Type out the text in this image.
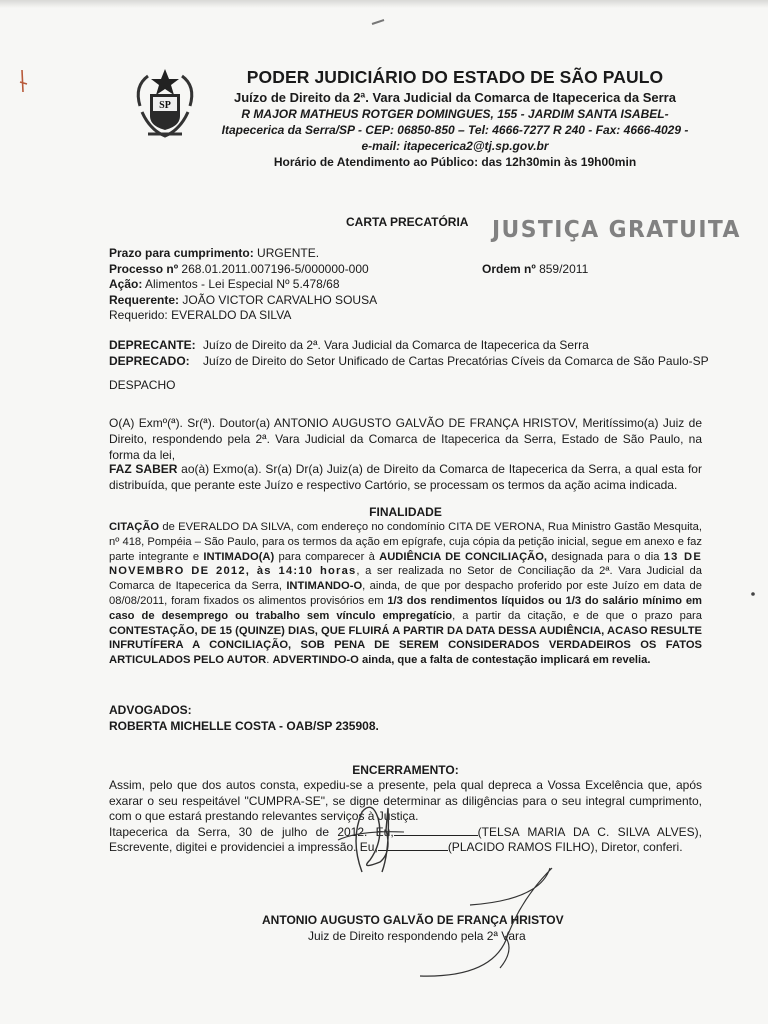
SP
PODER JUDICIÁRIO DO ESTADO DE SÃO PAULO
Juízo de Direito da 2ª. Vara Judicial da Comarca de Itapecerica da Serra
R MAJOR MATHEUS ROTGER DOMINGUES, 155 - JARDIM SANTA ISABEL-
Itapecerica da Serra/SP - CEP: 06850-850 – Tel: 4666-7277 R 240 - Fax: 4666-4029 -
e-mail: itapecerica2@tj.sp.gov.br
Horário de Atendimento ao Público: das 12h30min às 19h00min
CARTA PRECATÓRIA JUSTIÇA GRATUITA
Prazo para cumprimento: URGENTE.
Processo nº 268.01.2011.007196-5/000000-000
Ação: Alimentos - Lei Especial Nº 5.478/68
Requerente: JOÃO VICTOR CARVALHO SOUSA
Requerido: EVERALDO DA SILVA
Ordem nº 859/2011
DEPRECANTE: Juízo de Direito da 2ª. Vara Judicial da Comarca de Itapecerica da Serra
DEPRECADO: Juízo de Direito do Setor Unificado de Cartas Precatórias Cíveis da Comarca de São Paulo-SP
DESPACHO
O(A) Exmº(ª). Sr(ª). Doutor(a) ANTONIO AUGUSTO GALVÃO DE FRANÇA HRISTOV, Meritíssimo(a) Juiz de Direito, respondendo pela 2ª. Vara Judicial da Comarca de Itapecerica da Serra, Estado de São Paulo, na forma da lei,
FAZ SABER ao(à) Exmo(a). Sr(a) Dr(a) Juiz(a) de Direito da Comarca de Itapecerica da Serra, a qual esta for distribuída, que perante este Juízo e respectivo Cartório, se processam os termos da ação acima indicada.
FINALIDADE
CITAÇÃO de EVERALDO DA SILVA, com endereço no condomínio CITA DE VERONA, Rua Ministro Gastão Mesquita, nº 418, Pompéia – São Paulo, para os termos da ação em epígrafe, cuja cópia da petição inicial, segue em anexo e faz parte integrante e INTIMADO(A) para comparecer à AUDIÊNCIA DE CONCILIAÇÃO, designada para o dia 13 DE NOVEMBRO DE 2012, às 14:10 horas, a ser realizada no Setor de Conciliação da 2ª. Vara Judicial da Comarca de Itapecerica da Serra, INTIMANDO-O, ainda, de que por despacho proferido por este Juízo em data de 08/08/2011, foram fixados os alimentos provisórios em 1/3 dos rendimentos líquidos ou 1/3 do salário mínimo em caso de desemprego ou trabalho sem vínculo empregatício, a partir da citação, e de que o prazo para CONTESTAÇÃO, DE 15 (QUINZE) DIAS, QUE FLUIRÁ A PARTIR DA DATA DESSA AUDIÊNCIA, ACASO RESULTE INFRUTÍFERA A CONCILIAÇÃO, SOB PENA DE SEREM CONSIDERADOS VERDADEIROS OS FATOS ARTICULADOS PELO AUTOR. ADVERTINDO-O ainda, que a falta de contestação implicará em revelia.
ADVOGADOS:
ROBERTA MICHELLE COSTA - OAB/SP 235908.
ENCERRAMENTO:
Assim, pelo que dos autos consta, expediu-se a presente, pela qual depreca a Vossa Excelência que, após exarar o seu respeitável "CUMPRA-SE", se digne determinar as diligências para o seu integral cumprimento, com o que estará prestando relevantes serviços à Justiça.
Itapecerica da Serra, 30 de julho de 2012. Eu,	(TELSA MARIA DA C. SILVA ALVES), Escrevente, digitei e providenciei a impressão. Eu,	(PLACIDO RAMOS FILHO), Diretor, conferi.
ANTONIO AUGUSTO GALVÃO DE FRANÇA HRISTOV
Juiz de Direito respondendo pela 2ª Vara
